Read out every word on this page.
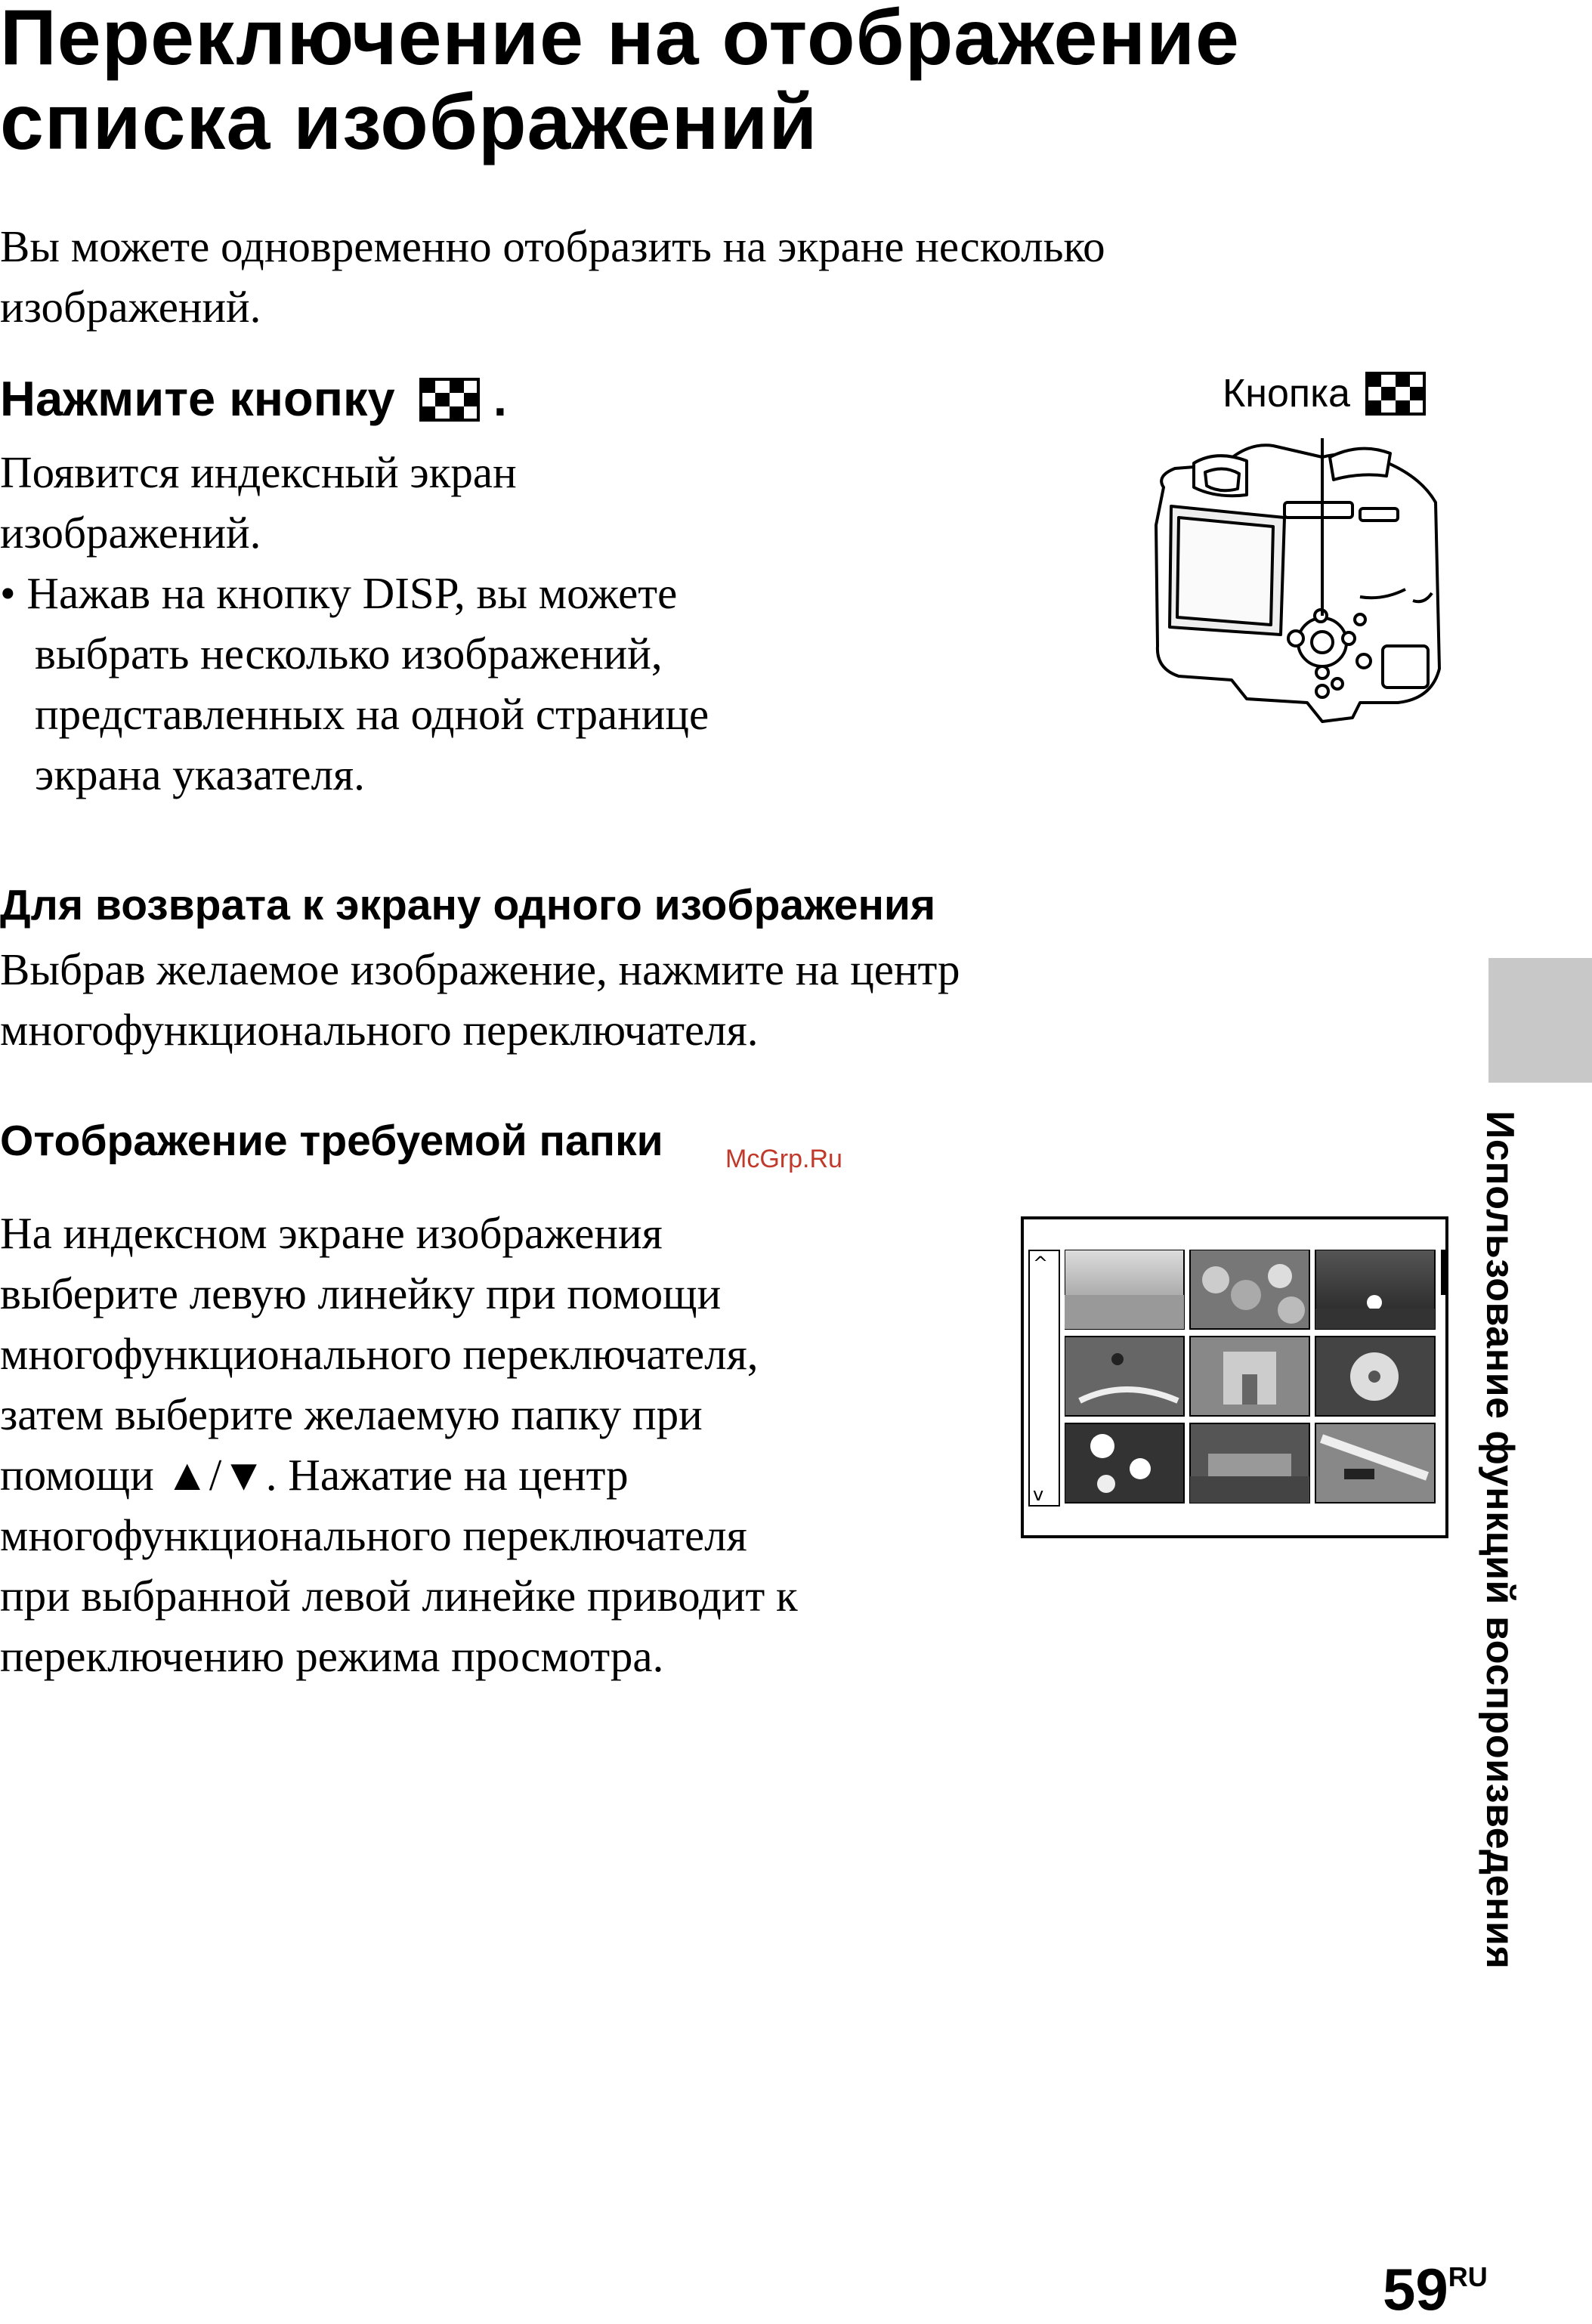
Переключение на отображение списка изображений
Вы можете одновременно отобразить на экране несколько изображений.
Нажмите кнопку .
Появится индексный экран
изображений.
• Нажав на кнопку DISP, вы можете выбрать несколько изображений, представленных на одной странице экрана указателя.
Кнопка
Для возврата к экрану одного изображения
Выбрав желаемое изображение, нажмите на центр многофункционального переключателя.
Отображение требуемой папки McGrp.Ru
На индексном экране изображения выберите левую линейку при помощи многофункционального переключателя, затем выберите желаемую папку при помощи ▲/▼. Нажатие на центр многофункционального переключателя при выбранной левой линейке приводит к переключению режима просмотра.
^
v	Использование функций воспроизведения
$59^{RU}$
